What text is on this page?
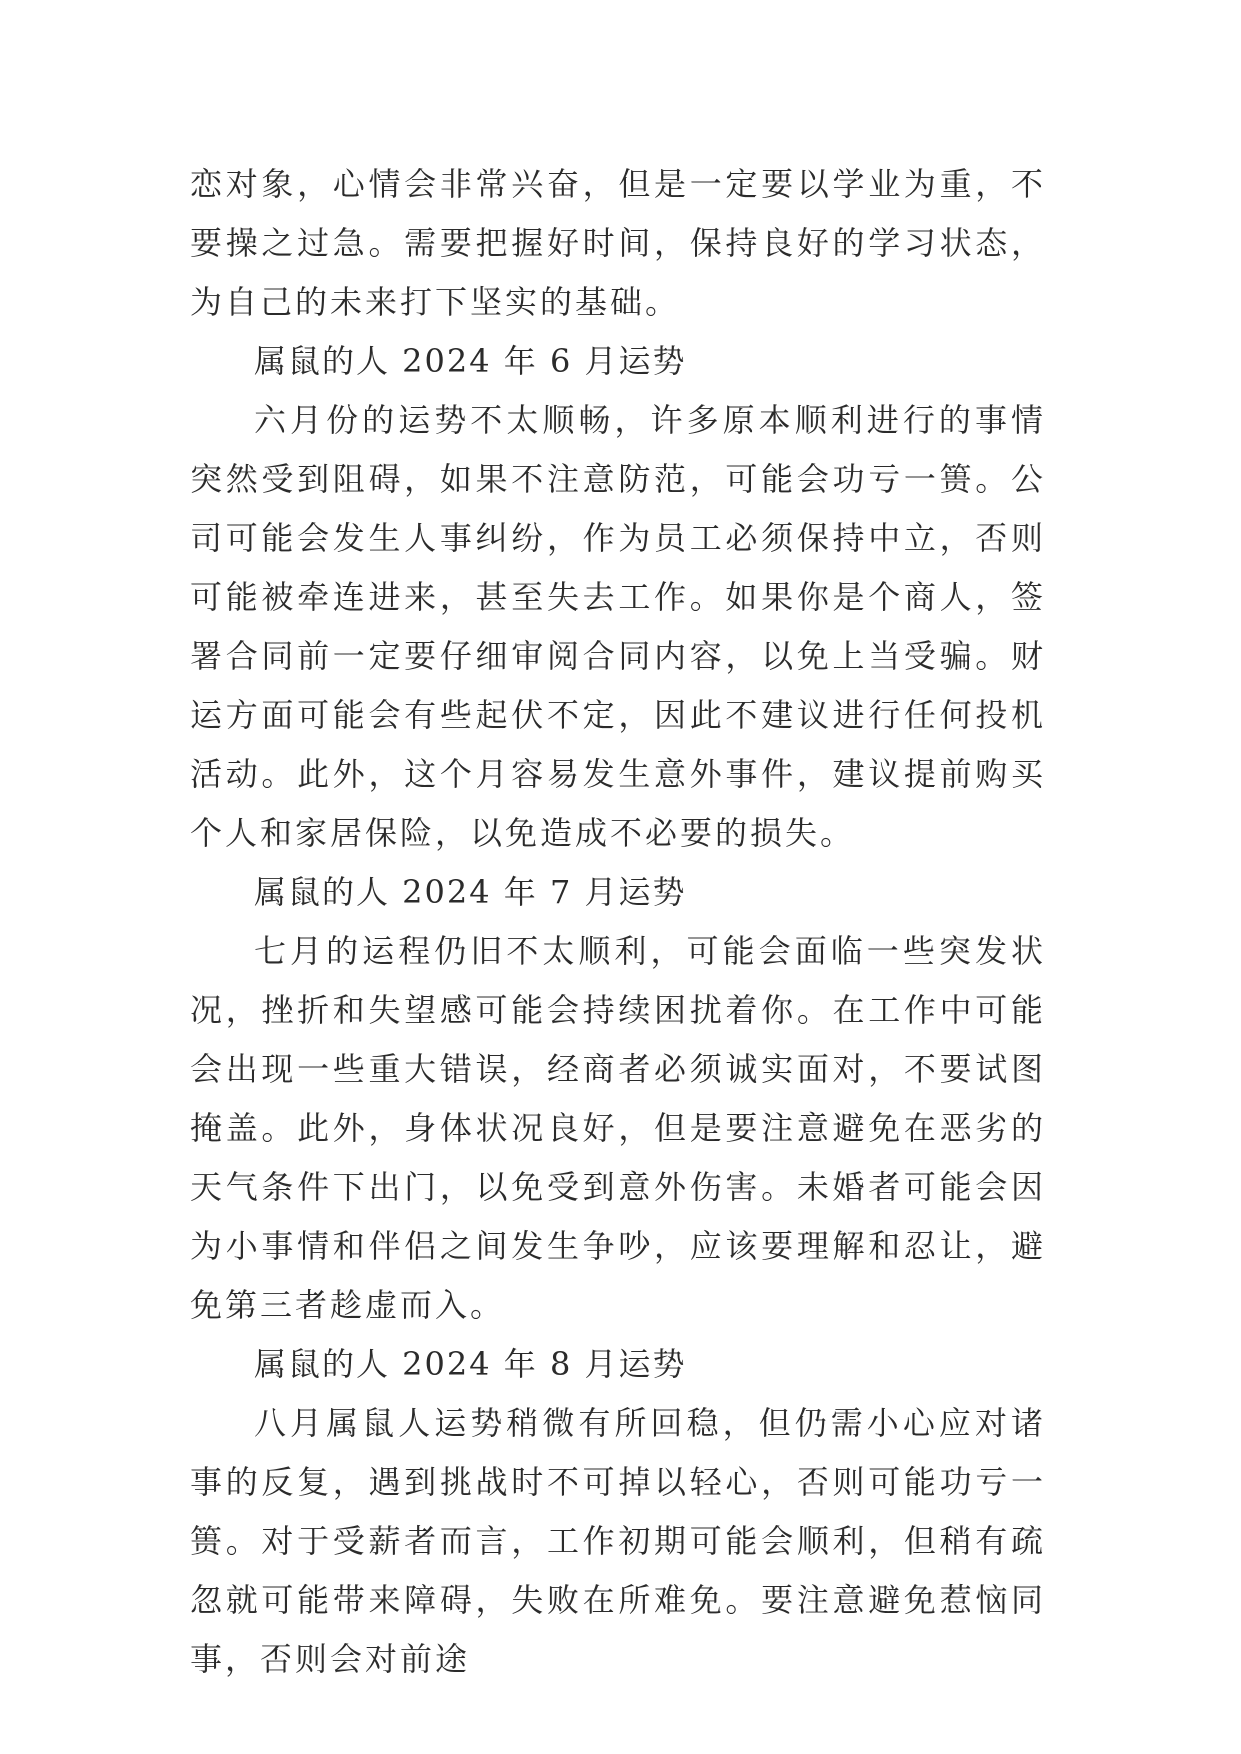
恋对象，心情会非常兴奋，但是一定要以学业为重，不要操之过急。需要把握好时间，保持良好的学习状态，为自己的未来打下坚实的基础。

属鼠的人 2024 年 6 月运势

六月份的运势不太顺畅，许多原本顺利进行的事情突然受到阻碍，如果不注意防范，可能会功亏一篑。公司可能会发生人事纠纷，作为员工必须保持中立，否则可能被牵连进来，甚至失去工作。如果你是个商人，签署合同前一定要仔细审阅合同内容，以免上当受骗。财运方面可能会有些起伏不定，因此不建议进行任何投机活动。此外，这个月容易发生意外事件，建议提前购买个人和家居保险，以免造成不必要的损失。

属鼠的人 2024 年 7 月运势

七月的运程仍旧不太顺利，可能会面临一些突发状况，挫折和失望感可能会持续困扰着你。在工作中可能会出现一些重大错误，经商者必须诚实面对，不要试图掩盖。此外，身体状况良好，但是要注意避免在恶劣的天气条件下出门，以免受到意外伤害。未婚者可能会因为小事情和伴侣之间发生争吵，应该要理解和忍让，避免第三者趁虚而入。

属鼠的人 2024 年 8 月运势

八月属鼠人运势稍微有所回稳，但仍需小心应对诸事的反复，遇到挑战时不可掉以轻心，否则可能功亏一篑。对于受薪者而言，工作初期可能会顺利，但稍有疏忽就可能带来障碍，失败在所难免。要注意避免惹恼同事，否则会对前途
